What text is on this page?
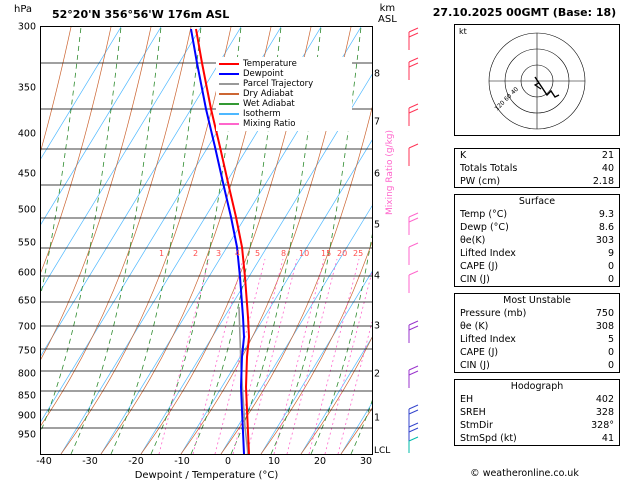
hPa 52°20'N 356°56'W 176m ASL	km
ASL
300
350
400
450
500
550
600
650
700
750
800
850
900
950
1	2 3 4 5	8 10 15 20 25
Temperature
Dewpoint
Parcel Trajectory
Dry Adiabat
Wet Adiabat
Isotherm
Mixing Ratio
-40	-30	-20	-10	0	10	20	30
Dewpoint / Temperature (°C)
1
2
3
4
5
6
7
8
LCL
Mixing Ratio (g/kg)
27.10.2025 00GMT (Base: 18)
kt
120 60 40
K	21
Totals Totals	40
PW (cm)	2.18
Surface
Temp (°C)	9.3
Dewp (°C)	8.6
θe(K)	303
Lifted Index	9
CAPE (J)	0
CIN (J)	0
Most Unstable
Pressure (mb)	750
θe (K)	308
Lifted Index	5
CAPE (J)	0
CIN (J)	0
Hodograph
EH	402
SREH	328
StmDir	328°
StmSpd (kt)	41
© weatheronline.co.uk
